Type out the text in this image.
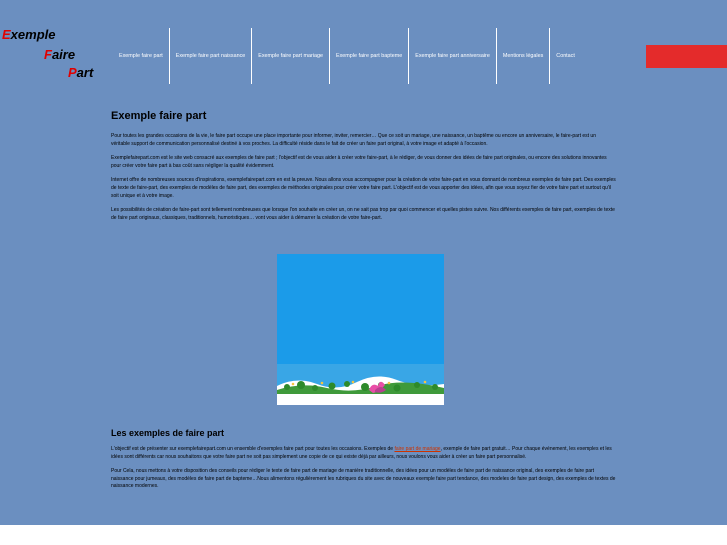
Exemple
Faire
Part
Exemple faire part	Exemple faire part naissance	Exemple faire part mariage	Exemple faire part bapteme	Exemple faire part anniversaire	Mentions légales	Contact
Exemple faire part

Pour toutes les grandes occasions de la vie, le faire part occupe une place importante pour informer, inviter, remercier… Que ce soit un mariage, une naissance, un baptême ou encore un anniversaire, le faire-part est un véritable support de communication personnalisé destiné à vos proches. La difficulté réside dans le fait de créer un faire part original, à votre image et adapté à l'occasion.

Exemplefairepart.com est le site web consacré aux exemples de faire part ; l'objectif est de vous aider à créer votre faire-part, à le rédiger, de vous donner des idées de faire part originales, ou encore des solutions innovantes pour créer votre faire part à bas coût sans négliger la qualité évidemment.

Internet offre de nombreuses sources d'inspirations, exemplefairepart.com en est la preuve. Nous allons vous accompagner pour la création de votre faire-part en vous donnant de nombreux exemples de faire part. Des exemples de texte de faire-part, des exemples de modèles de faire part, des exemples de méthodes originales pour créer votre faire part. L'objectif est de vous apporter des idées, afin que vous soyez fier de votre faire part et surtout qu'il soit unique et à votre image.

Les possibilités de création de faire-part sont tellement nombreuses que lorsque l'on souhaite en créer un, on ne sait pas trop par quoi commencer et quelles pistes suivre. Nos différents exemples de faire part, exemples de texte de faire part originaux, classiques, traditionnels, humoristiques… vont vous aider à démarrer la création de votre faire-part.

Les exemples de faire part

L'objectif est de présenter sur exemplefairepart.com un ensemble d'exemples faire part pour toutes les occasions. Exemples de faire part de mariage, exemple de faire part gratuit… Pour chaque événement, les exemples et les idées sont différents car nous souhaitons que votre faire part ne soit pas simplement une copie de ce qui existe déjà par ailleurs, nous voulons vous aider à créer un faire part personnalisé.

Pour Cela, nous mettons à votre disposition des conseils pour rédiger le texte de faire part de mariage de manière traditionnelle, des idées pour un modèles de faire part de naissance original, des exemples de faire part naissance pour jumeaux, des modèles de faire part de bapteme…Nous alimentons régulièrement les rubriques du site avec de nouveaux exemple faire part tendance, des modeles de faire part design, des exemples de textes de naissance modernes.
